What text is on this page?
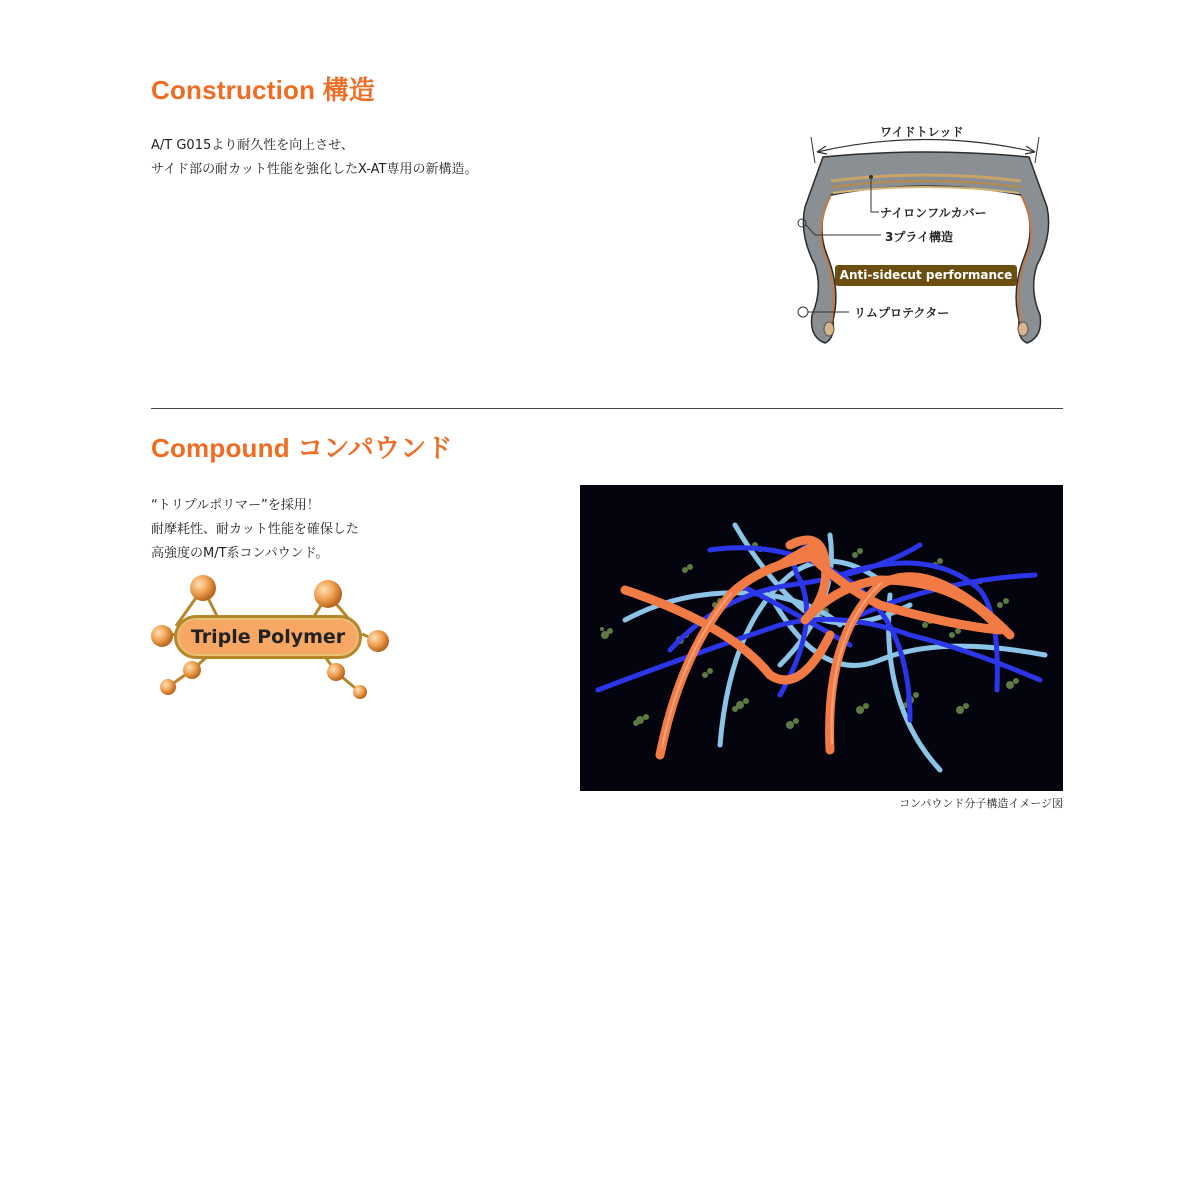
Construction 構造
A/T G015より耐久性を向上させ、
サイド部の耐カット性能を強化したX-AT専用の新構造。
ワイドトレッド
ナイロンフルカバー
3プライ構造
Anti-sidecut performance
リムプロテクター
Compound コンパウンド
“トリプルポリマー”を採用！
耐摩耗性、耐カット性能を確保した
高強度のM/T系コンパウンド。
Triple Polymer
コンパウンド分子構造イメージ図
